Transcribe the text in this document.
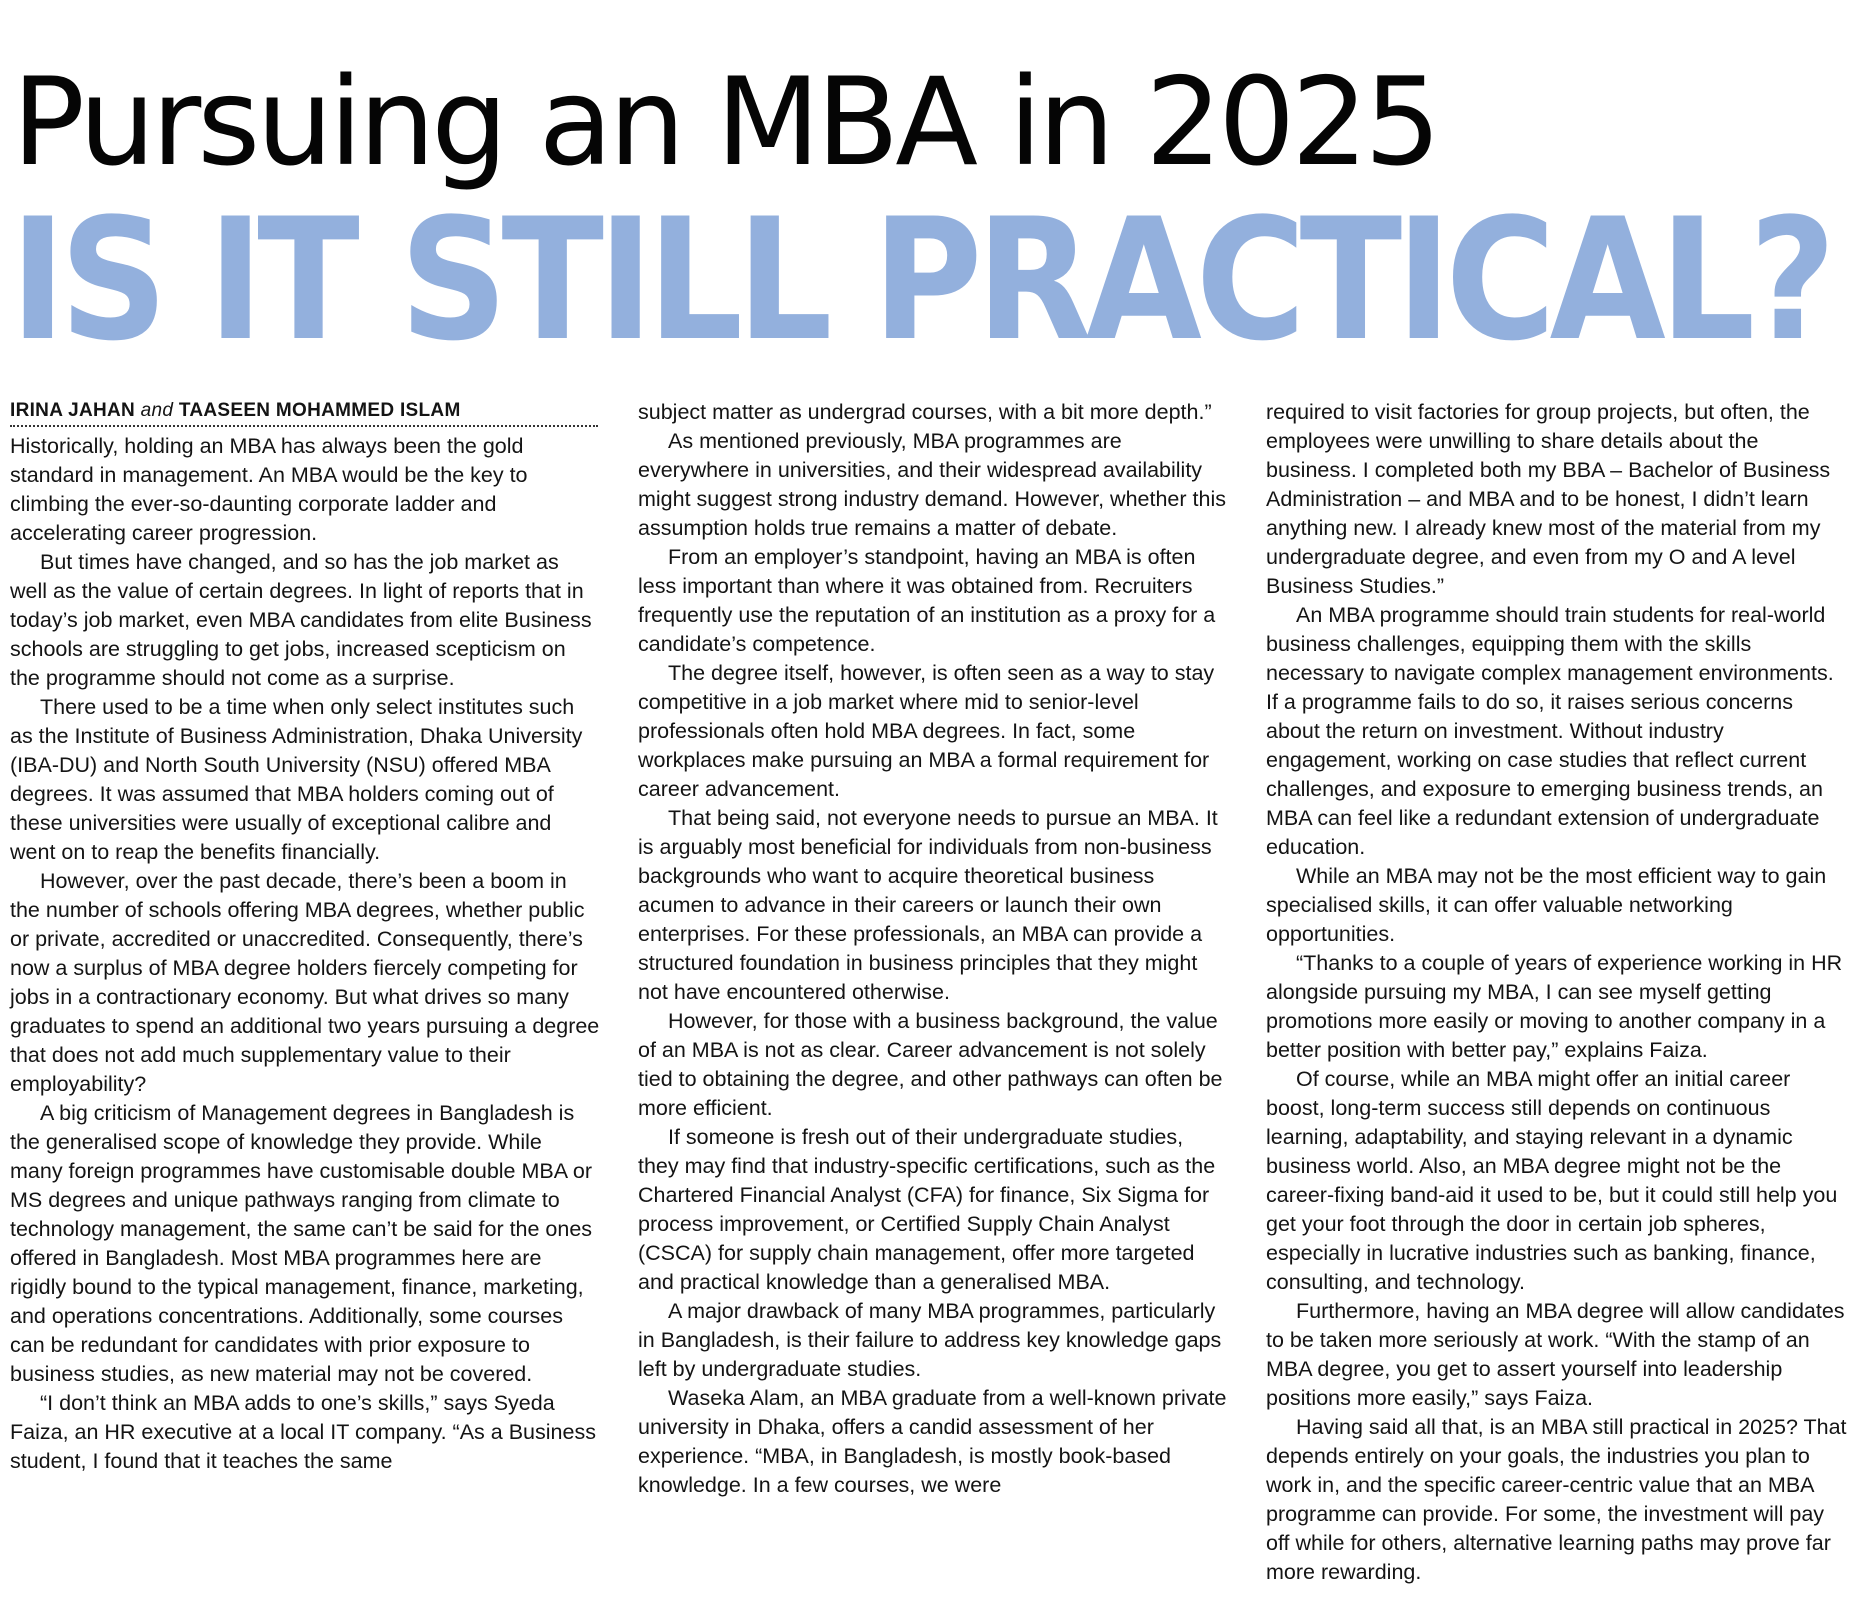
Pursuing an MBA in 2025
IS IT STILL PRACTICAL?
IRINA JAHAN and TAASEEN MOHAMMED ISLAM

Historically, holding an MBA has always been the gold standard in management. An MBA would be the key to climbing the ever-so-daunting corporate ladder and accelerating career progression.

But times have changed, and so has the job market as well as the value of certain degrees. In light of reports that in today’s job market, even MBA candidates from elite Business schools are struggling to get jobs, increased scepticism on the programme should not come as a surprise.

There used to be a time when only select institutes such as the Institute of Business Administration, Dhaka University (IBA-DU) and North South University (NSU) offered MBA degrees. It was assumed that MBA holders coming out of these universities were usually of exceptional calibre and went on to reap the benefits financially.

However, over the past decade, there’s been a boom in the number of schools offering MBA degrees, whether public or private, accredited or unaccredited. Consequently, there’s now a surplus of MBA degree holders fiercely competing for jobs in a contractionary economy. But what drives so many graduates to spend an additional two years pursuing a degree that does not add much supplementary value to their employability?

A big criticism of Management degrees in Bangladesh is the generalised scope of knowledge they provide. While many foreign programmes have customisable double MBA or MS degrees and unique pathways ranging from climate to technology management, the same can’t be said for the ones offered in Bangladesh. Most MBA programmes here are rigidly bound to the typical management, finance, marketing, and operations concentrations. Additionally, some courses can be redundant for candidates with prior exposure to business studies, as new material may not be covered.

“I don’t think an MBA adds to one’s skills,” says Syeda Faiza, an HR executive at a local IT company. “As a Business student, I found that it teaches the same

subject matter as undergrad courses, with a bit more depth.”

As mentioned previously, MBA programmes are everywhere in universities, and their widespread availability might suggest strong industry demand. However, whether this assumption holds true remains a matter of debate.

From an employer’s standpoint, having an MBA is often less important than where it was obtained from. Recruiters frequently use the reputation of an institution as a proxy for a candidate’s competence.

The degree itself, however, is often seen as a way to stay competitive in a job market where mid to senior-level professionals often hold MBA degrees. In fact, some workplaces make pursuing an MBA a formal requirement for career advancement.

That being said, not everyone needs to pursue an MBA. It is arguably most beneficial for individuals from non-business backgrounds who want to acquire theoretical business acumen to advance in their careers or launch their own enterprises. For these professionals, an MBA can provide a structured foundation in business principles that they might not have encountered otherwise.

However, for those with a business background, the value of an MBA is not as clear. Career advancement is not solely tied to obtaining the degree, and other pathways can often be more efficient.

If someone is fresh out of their undergraduate studies, they may find that industry-specific certifications, such as the Chartered Financial Analyst (CFA) for finance, Six Sigma for process improvement, or Certified Supply Chain Analyst (CSCA) for supply chain management, offer more targeted and practical knowledge than a generalised MBA.

A major drawback of many MBA programmes, particularly in Bangladesh, is their failure to address key knowledge gaps left by undergraduate studies.

Waseka Alam, an MBA graduate from a well-known private university in Dhaka, offers a candid assessment of her experience. “MBA, in Bangladesh, is mostly book-based knowledge. In a few courses, we were

required to visit factories for group projects, but often, the employees were unwilling to share details about the business. I completed both my BBA – Bachelor of Business Administration – and MBA and to be honest, I didn’t learn anything new. I already knew most of the material from my undergraduate degree, and even from my O and A level Business Studies.”

An MBA programme should train students for real-world business challenges, equipping them with the skills necessary to navigate complex management environments. If a programme fails to do so, it raises serious concerns about the return on investment. Without industry engagement, working on case studies that reflect current challenges, and exposure to emerging business trends, an MBA can feel like a redundant extension of undergraduate education.

While an MBA may not be the most efficient way to gain specialised skills, it can offer valuable networking opportunities.

“Thanks to a couple of years of experience working in HR alongside pursuing my MBA, I can see myself getting promotions more easily or moving to another company in a better position with better pay,” explains Faiza.

Of course, while an MBA might offer an initial career boost, long-term success still depends on continuous learning, adaptability, and staying relevant in a dynamic business world. Also, an MBA degree might not be the career-fixing band-aid it used to be, but it could still help you get your foot through the door in certain job spheres, especially in lucrative industries such as banking, finance, consulting, and technology.

Furthermore, having an MBA degree will allow candidates to be taken more seriously at work. “With the stamp of an MBA degree, you get to assert yourself into leadership positions more easily,” says Faiza.

Having said all that, is an MBA still practical in 2025? That depends entirely on your goals, the industries you plan to work in, and the specific career-centric value that an MBA programme can provide. For some, the investment will pay off while for others, alternative learning paths may prove far more rewarding.
